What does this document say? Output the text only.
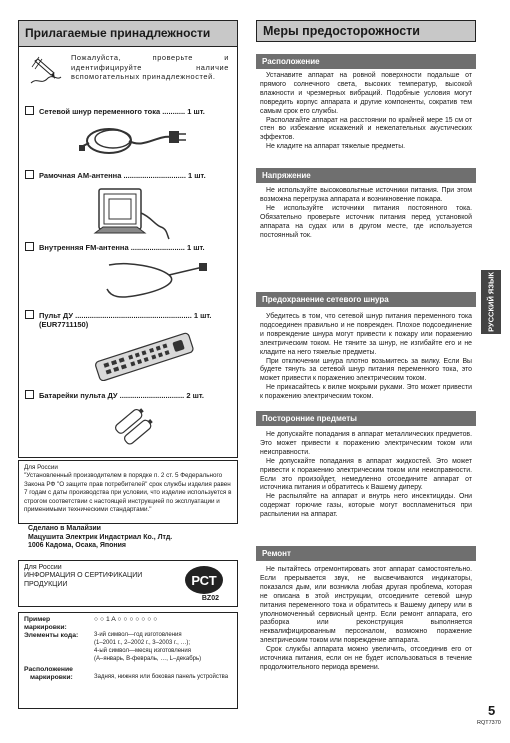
Прилагаемые принадлежности
Пожалуйста, проверьте и идентифицируйте наличие вспомогательных принадлежностей.
Сетевой шнур переменного тока ........... 1 шт.
Рамочная AM-антенна .............................. 1 шт.
Внутренняя FM-антенна .......................... 1 шт.
Пульт ДУ ........................................................ 1 шт.
(EUR7711150)
Батарейки пульта ДУ ............................... 2 шт.
Для России
"Установленный производителем в порядке п. 2 ст. 5 Федерального Закона РФ "О защите прав потребителей" срок службы изделия равен 7 годам с даты производства при условии, что изделие используется в строгом соответствии с настоящей инструкцией по эксплуатации и применимыми техническими стандартами."
Сделано в Малайзии
Мацушита Электрик Индастриал Ко., Лтд.
1006 Кадома, Осака, Япония
Для России
ИНФОРМАЦИЯ О СЕРТИФИКАЦИИ ПРОДУКЦИИ	РСТ
BZ02
Пример маркировки:
○ ○ 1 A ○ ○ ○ ○ ○ ○ ○
Элементы кода:	3-ий символ—год изготовления
(1–2001 г., 2–2002 г., 3–2003 г., …);
4-ый символ—месяц изготовления
(A–январь, B-февраль, …, L–декабрь)
Расположение
маркировки:	Задняя, нижняя или боковая панель устройства
Меры предосторожности
Расположение

Устанавите аппарат на ровной поверхности подальше от прямого солнечного света, высоких температур, высокой влажности и чрезмерных вибраций. Подобные условия могут повредить корпус аппарата и другие компоненты, сократив тем самым срок его службы.

Располагайте аппарат на расстоянии по крайней мере 15 см от стен во избежание искажений и нежелательных акустических эффектов.

Не кладите на аппарат тяжелые предметы.

Напряжение

Не используйте высоковольтные источники питания. При этом возможна перегрузка аппарата и возникновение пожара.

Не используйте источники питания постоянного тока. Обязательно проверьте источник питания перед установкой аппарата на судах или в другом месте, где используется постоянный ток.

Предохранение сетевого шнура

Убедитесь в том, что сетевой шнур питания переменного тока подсоединен правильно и не поврежден. Плохое подсоединение и повреждение шнура могут привести к пожару или поражению электрическим током. Не тяните за шнур, не изгибайте его и не кладите на него тяжелые предметы.

При отключении шнура плотно возьмитесь за вилку. Если Вы будете тянуть за сетевой шнур питания переменного тока, это может привести к поражению электрическим током.

Не прикасайтесь к вилке мокрыми руками. Это может привести к поражению электрическим током.

Посторонние предметы

Не допускайте попадания в аппарат металлических предметов. Это может привести к поражению электрическим током или неисправности.

Не допускайте попадания в аппарат жидкостей. Это может привести к поражению электрическим током или неисправности. Если это произойдет, немедленно отсоедините аппарат от источника питания и обратитесь к Вашему диперу.

Не распыляйте на аппарат и внутрь него инсектициды. Они содержат горючие газы, которые могут воспламениться при распылении на аппарат.

Ремонт

Не пытайтесь отремонтировать этот аппарат самостоятельно. Если прерывается звук, не высвечиваются индикаторы, показался дым, или возникла любая другая проблема, которая не описана в этой инструкции, отсоедините сетевой шнур питания переменного тока и обратитесь к Вашему диперу или в уполномоченный сервисный центр. Если ремонт аппарата, его разборка или реконструкция выполняется неквалифицированным персоналом, возможно поражение электрическим током или повреждение аппарата.

Срок службы аппарата можно увеличить, отсоединив его от источника питания, если он не будет использоваться в течение продолжительного периода времени.

РУССКИЙ ЯЗЫК
5
RQT7370
